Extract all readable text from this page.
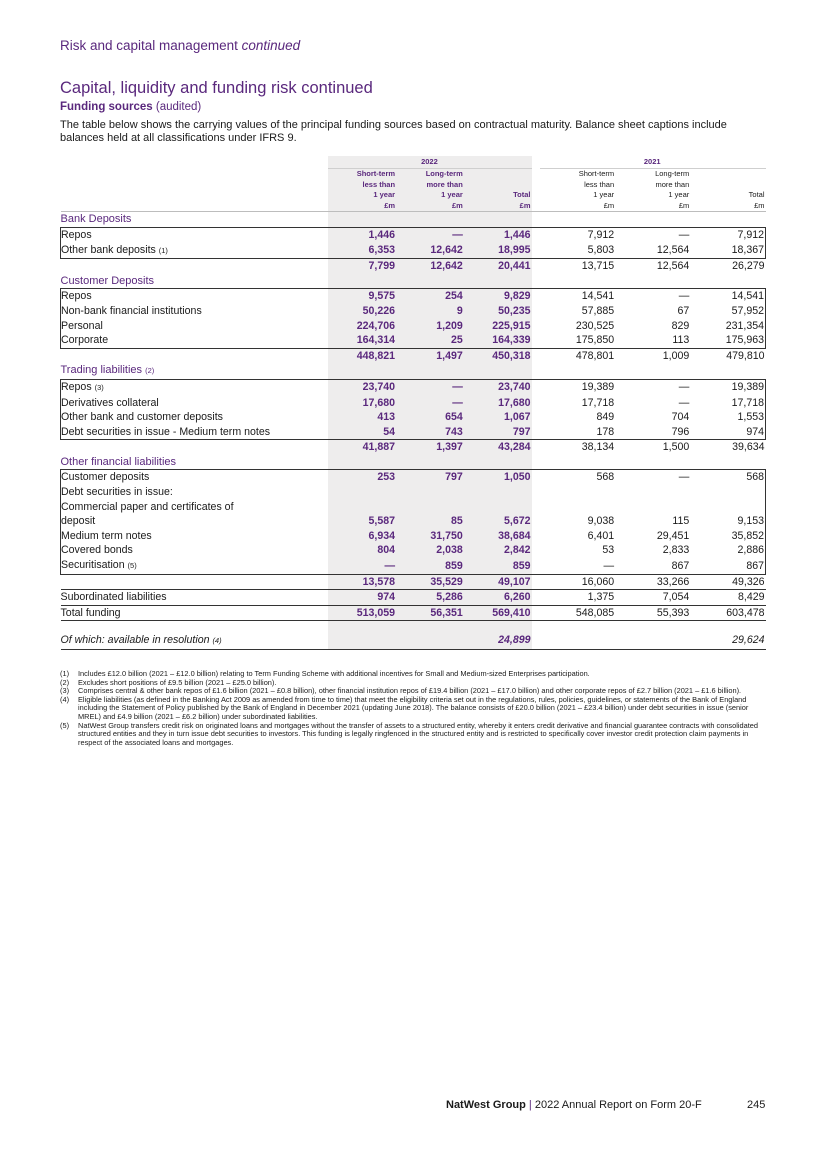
Risk and capital management continued
Capital, liquidity and funding risk continued
Funding sources (audited)
The table below shows the carrying values of the principal funding sources based on contractual maturity. Balance sheet captions include balances held at all classifications under IFRS 9.
	2022				2021		
	Short-term	Long-term			Short-term	Long-term	
	less than	more than			less than	more than	
	1 year	1 year	Total		1 year	1 year	Total
	£m	£m	£m		£m	£m	£m
Bank Deposits							
Repos	1,446	—	1,446		7,912	—	7,912
Other bank deposits (1)	6,353	12,642	18,995		5,803	12,564	18,367
	7,799	12,642	20,441		13,715	12,564	26,279
Customer Deposits							
Repos	9,575	254	9,829		14,541	—	14,541
Non-bank financial institutions	50,226	9	50,235		57,885	67	57,952
Personal	224,706	1,209	225,915		230,525	829	231,354
Corporate	164,314	25	164,339		175,850	113	175,963
	448,821	1,497	450,318		478,801	1,009	479,810
Trading liabilities (2)							
Repos (3)	23,740	—	23,740		19,389	—	19,389
Derivatives collateral	17,680	—	17,680		17,718	—	17,718
Other bank and customer deposits	413	654	1,067		849	704	1,553
Debt securities in issue - Medium term notes	54	743	797		178	796	974
	41,887	1,397	43,284		38,134	1,500	39,634
Other financial liabilities							
Customer deposits	253	797	1,050		568	—	568
Debt securities in issue:							
Commercial paper and certificates of							
deposit	5,587	85	5,672		9,038	115	9,153
Medium term notes	6,934	31,750	38,684		6,401	29,451	35,852
Covered bonds	804	2,038	2,842		53	2,833	2,886
Securitisation (5)	—	859	859		—	867	867
	13,578	35,529	49,107		16,060	33,266	49,326
Subordinated liabilities	974	5,286	6,260		1,375	7,054	8,429
Total funding	513,059	56,351	569,410		548,085	55,393	603,478

Of which: available in resolution (4)			24,899				29,624
(1)	Includes £12.0 billion (2021 – £12.0 billion) relating to Term Funding Scheme with additional incentives for Small and Medium-sized Enterprises participation.
(2)	Excludes short positions of £9.5 billion (2021 – £25.0 billion).
(3)	Comprises central & other bank repos of £1.6 billion (2021 – £0.8 billion), other financial institution repos of £19.4 billion (2021 – £17.0 billion) and other corporate repos of £2.7 billion (2021 – £1.6 billion).
(4)	Eligible liabilities (as defined in the Banking Act 2009 as amended from time to time) that meet the eligibility criteria set out in the regulations, rules, policies, guidelines, or statements of the Bank of England including the Statement of Policy published by the Bank of England in December 2021 (updating June 2018). The balance consists of £20.0 billion (2021 – £23.4 billion) under debt securities in issue (senior MREL) and £4.9 billion (2021 – £6.2 billion) under subordinated liabilities.
(5)	NatWest Group transfers credit risk on originated loans and mortgages without the transfer of assets to a structured entity, whereby it enters credit derivative and financial guarantee contracts with consolidated structured entities and they in turn issue debt securities to investors. This funding is legally ringfenced in the structured entity and is restricted to specifically cover investor credit protection claim payments in respect of the associated loans and mortgages.
NatWest Group | 2022 Annual Report on Form 20-F	245
